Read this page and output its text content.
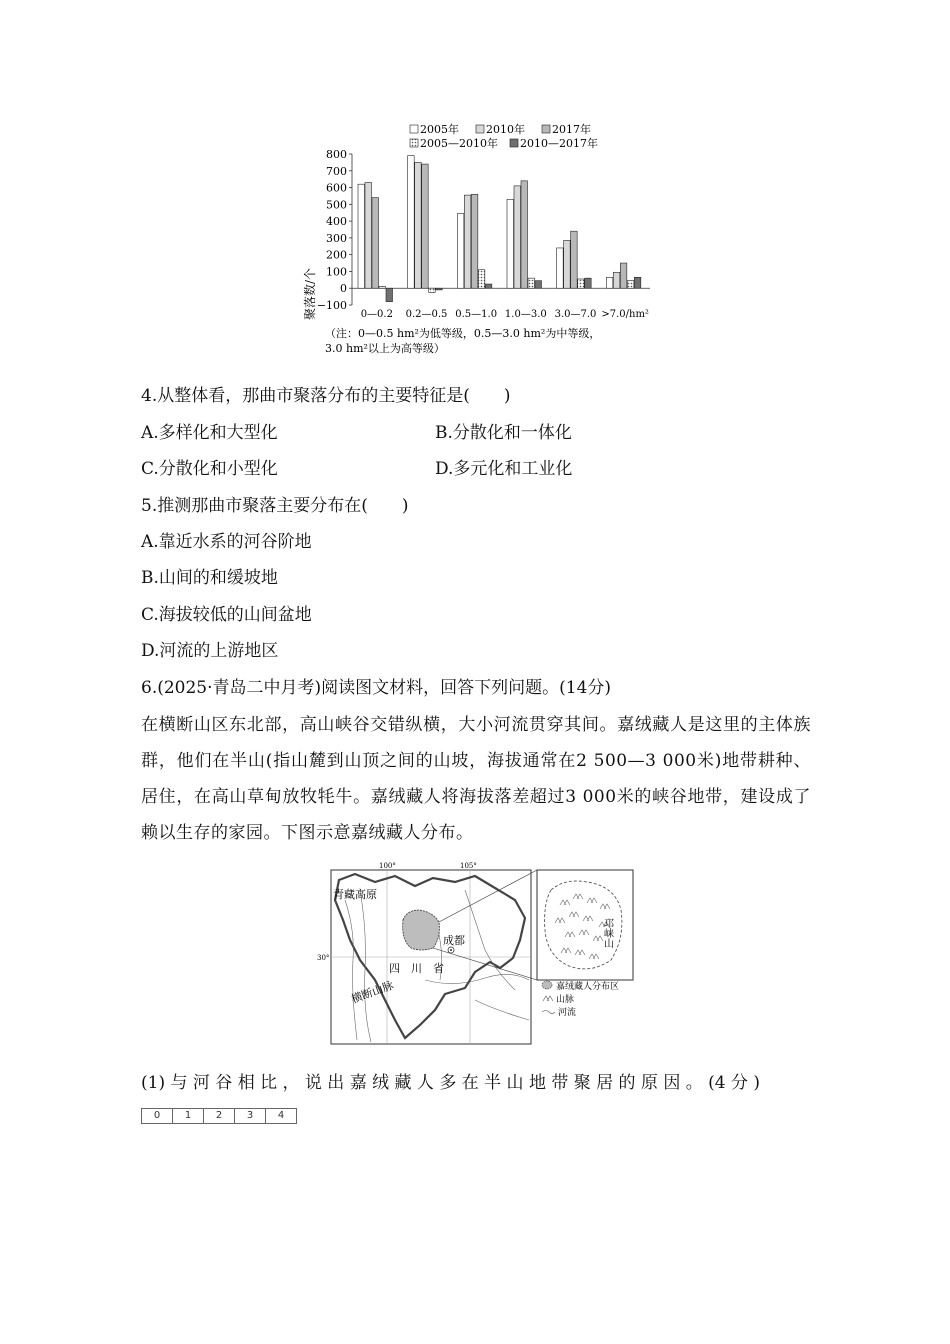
2005年 2010年 2017年
2005—2010年 2010—2017年
聚落数/个
800
700
600
500
400
300
200
100
0
−100
0—0.2 0.2—0.5 0.5—1.0 1.0—3.0 3.0—7.0 >7.0/hm²
（注：0—0.5 hm²为低等级，0.5—3.0 hm²为中等级，
3.0 hm²以上为高等级）
4.从整体看，那曲市聚落分布的主要特征是(　　)
A.多样化和大型化	B.分散化和一体化
C.分散化和小型化	D.多元化和工业化
5.推测那曲市聚落主要分布在(　　)
A.靠近水系的河谷阶地
B.山间的和缓坡地
C.海拔较低的山间盆地
D.河流的上游地区
6.(2025·青岛二中月考)阅读图文材料，回答下列问题。(14分)
在横断山区东北部，高山峡谷交错纵横，大小河流贯穿其间。嘉绒藏人是这里的主体族群，他们在半山(指山麓到山顶之间的山坡，海拔通常在2 500—3 000米)地带耕种、居住，在高山草甸放牧牦牛。嘉绒藏人将海拔落差超过3 000米的峡谷地带，建设成了赖以生存的家园。下图示意嘉绒藏人分布。
100°	105°
30°
成都
青藏高原
四　川　省
横断山脉
邛崃山
嘉绒藏人分布区
山脉
河流
(1) 与 河 谷 相 比 ， 说 出 嘉 绒 藏 人 多 在 半 山 地 带 聚 居 的 原 因 。 (4 分 )
0	1	2	3	4
